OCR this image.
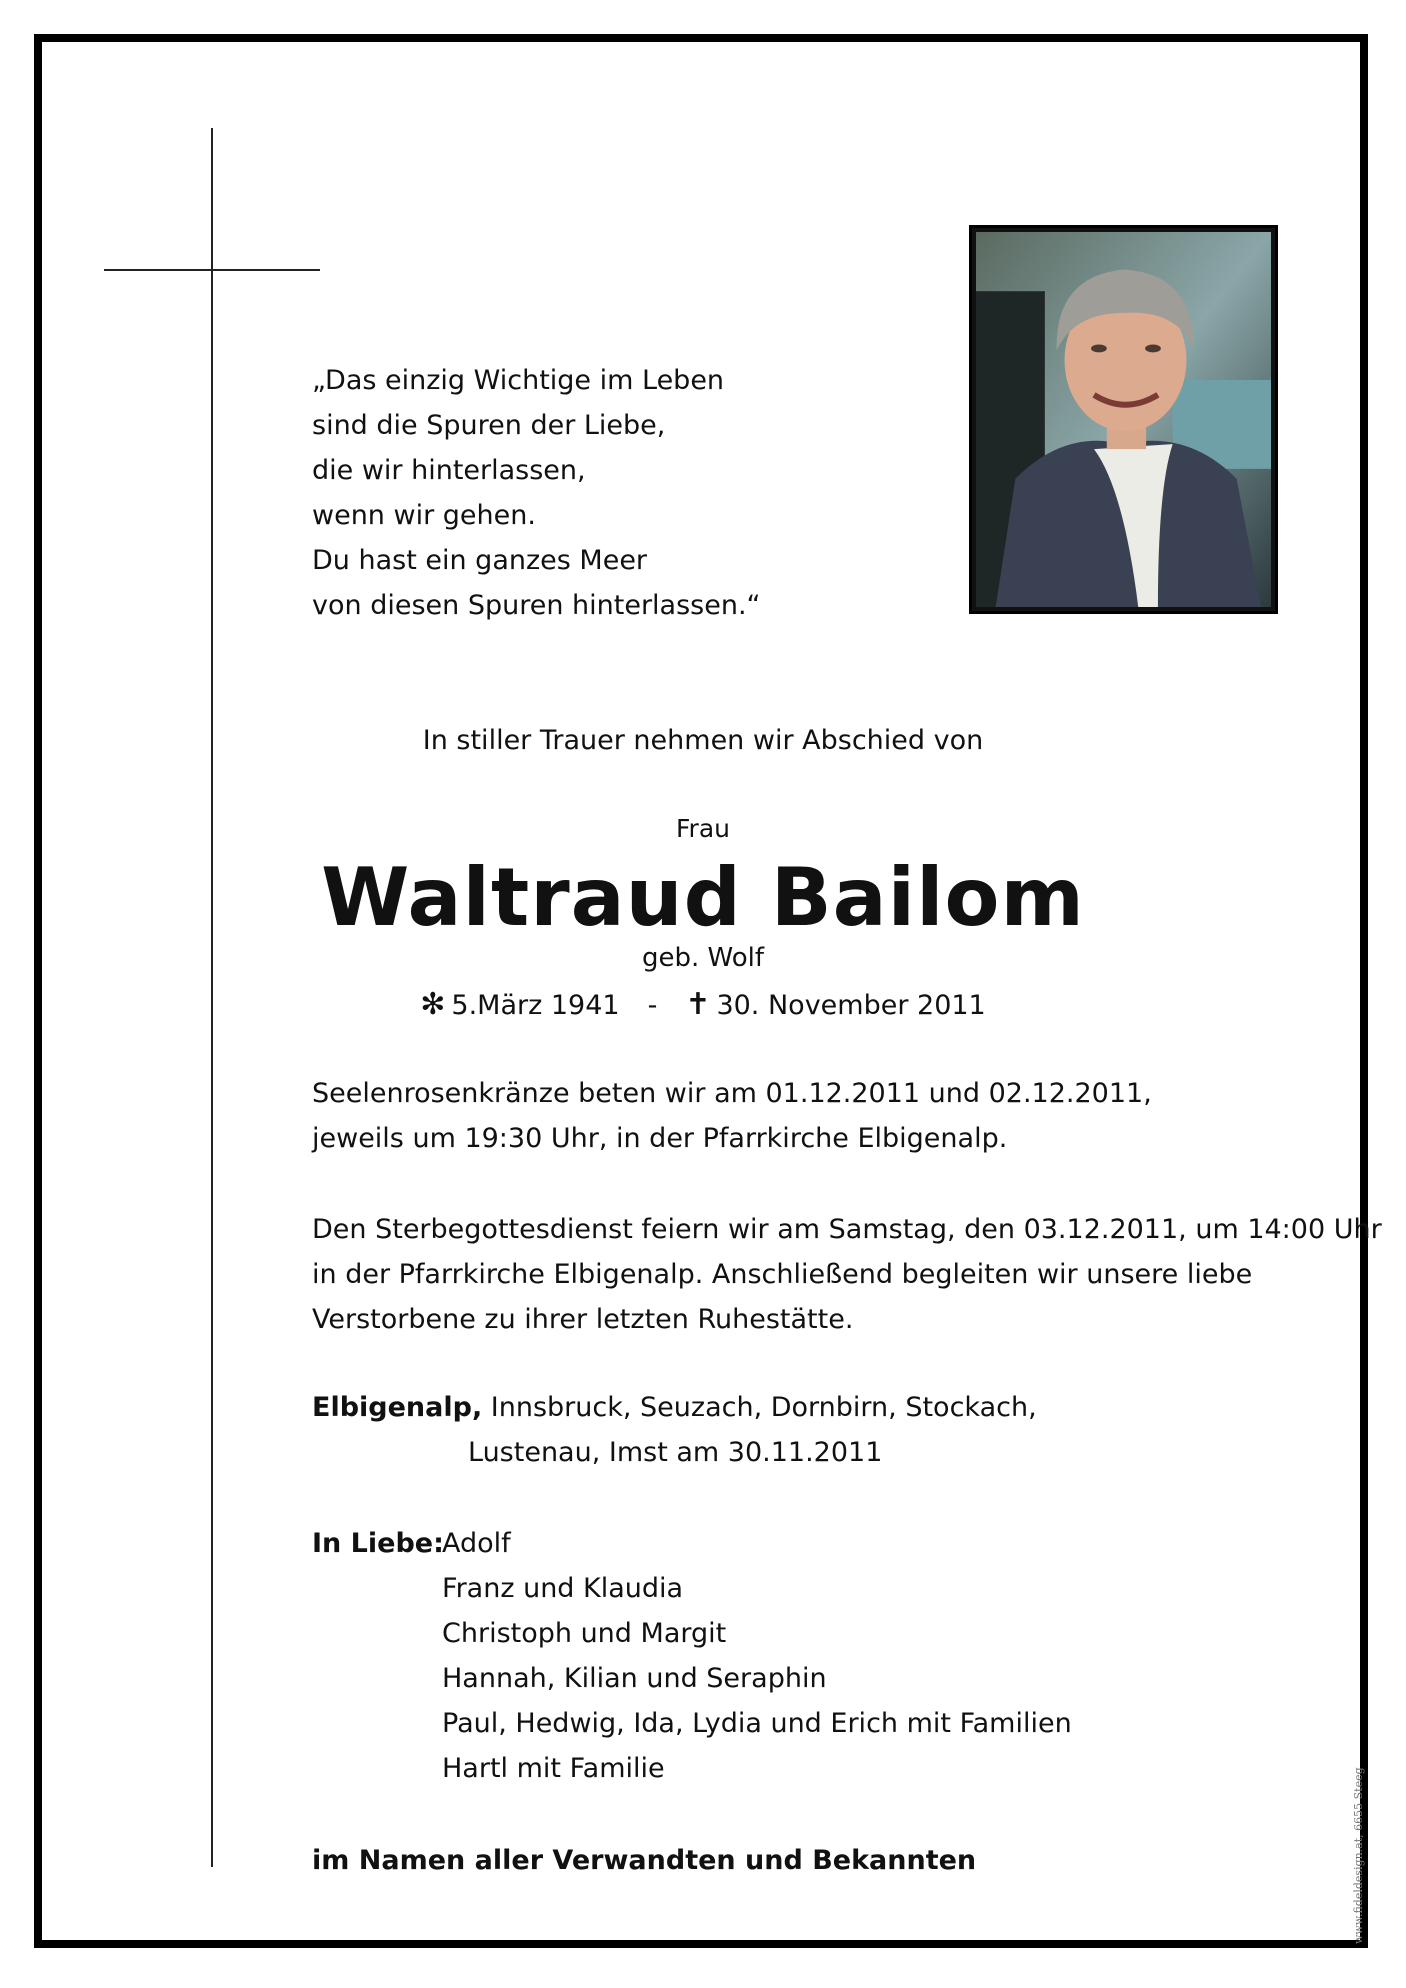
„Das einzig Wichtige im Leben
sind die Spuren der Liebe,
die wir hinterlassen,
wenn wir gehen.
Du hast ein ganzes Meer
von diesen Spuren hinterlassen.“
In stiller Trauer nehmen wir Abschied von
Frau
Waltraud Bailom
geb. Wolf
✻ 5.März 1941 - ✝ 30. November 2011
Seelenrosenkränze beten wir am 01.12.2011 und 02.12.2011,
jeweils um 19:30 Uhr, in der Pfarrkirche Elbigenalp.
Den Sterbegottesdienst feiern wir am Samstag, den 03.12.2011, um 14:00 Uhr
in der Pfarrkirche Elbigenalp. Anschließend begleiten wir unsere liebe
Verstorbene zu ihrer letzten Ruhestätte.
Elbigenalp, Innsbruck, Seuzach, Dornbirn, Stockach,
Lustenau, Imst am 30.11.2011
In Liebe:
Adolf
Franz und Klaudia
Christoph und Margit
Hannah, Kilian und Seraphin
Paul, Hedwig, Ida, Lydia und Erich mit Familien
Hartl mit Familie
im Namen aller Verwandten und Bekannten	www.fideldesign.at, 6655 Steeg
